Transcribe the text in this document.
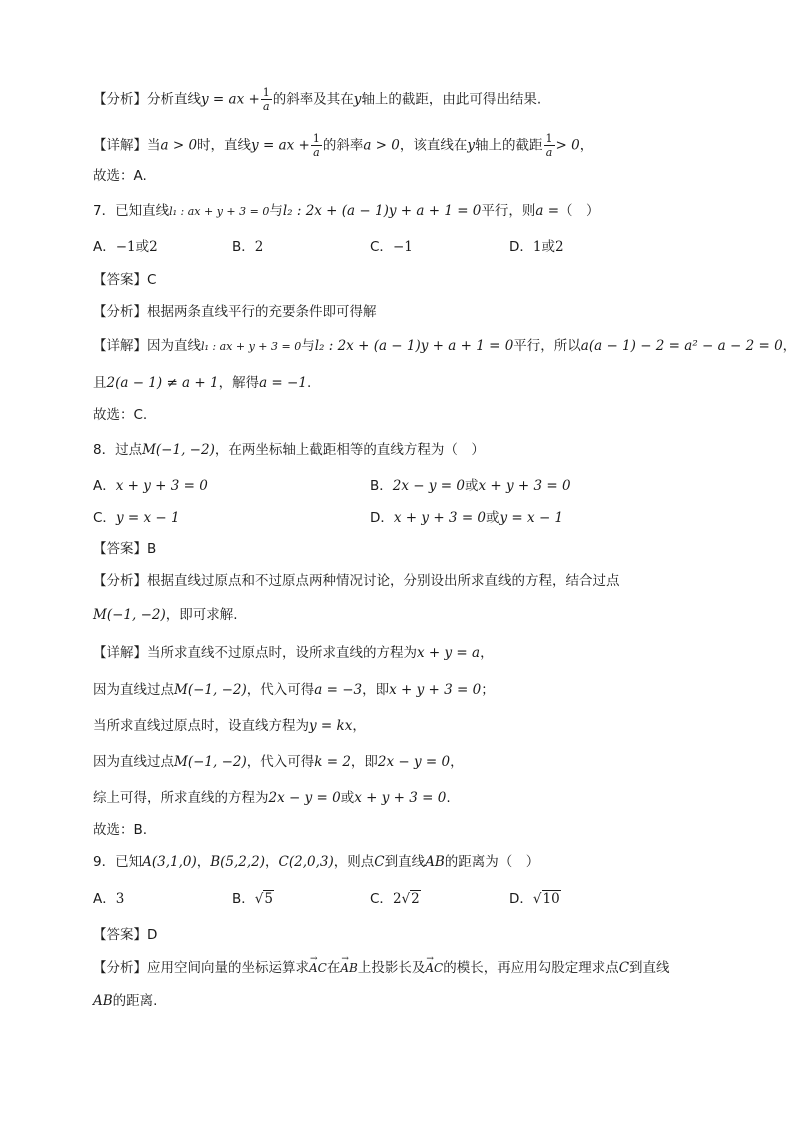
【分析】分析直线y = ax + $\frac{1}{a}$ 的斜率及其在y轴上的截距，由此可得出结果.
【详解】当a > 0时，直线y = ax + $\frac{1}{a}$ 的斜率a > 0，该直线在y轴上的截距 $\frac{1}{a} > 0$，
故选：A.
7．已知直线l₁ : ax + y + 3 = 0与l₂ : 2x + (a − 1)y + a + 1 = 0平行，则a =（　）
A．−1或2	B．2	C．−1	D．1或2
【答案】C
【分析】根据两条直线平行的充要条件即可得解
【详解】因为直线l₁ : ax + y + 3 = 0与l₂ : 2x + (a − 1)y + a + 1 = 0平行，所以a(a − 1) − 2 = a² − a − 2 = 0，
且2(a − 1) ≠ a + 1，解得a = −1.
故选：C.
8．过点M(−1, −2)，在两坐标轴上截距相等的直线方程为（　）
A．x + y + 3 = 0	B．2x − y = 0或x + y + 3 = 0
C．y = x − 1	D．x + y + 3 = 0或y = x − 1
【答案】B
【分析】根据直线过原点和不过原点两种情况讨论，分别设出所求直线的方程，结合过点
M(−1, −2)，即可求解.
【详解】当所求直线不过原点时，设所求直线的方程为x + y = a，
因为直线过点M(−1, −2)，代入可得a = −3，即x + y + 3 = 0；
当所求直线过原点时，设直线方程为y = kx，
因为直线过点M(−1, −2)，代入可得k = 2，即2x − y = 0，
综上可得，所求直线的方程为2x − y = 0或x + y + 3 = 0.
故选：B.
9．已知A(3,1,0)，B(5,2,2)，C(2,0,3)，则点C到直线AB的距离为（　）
A．3	B．√5	C．2√2	D．√10
【答案】D
【分析】应用空间向量的坐标运算求→ AC在→ AB上投影长及→ AC的模长，再应用勾股定理求点C到直线
AB的距离.
